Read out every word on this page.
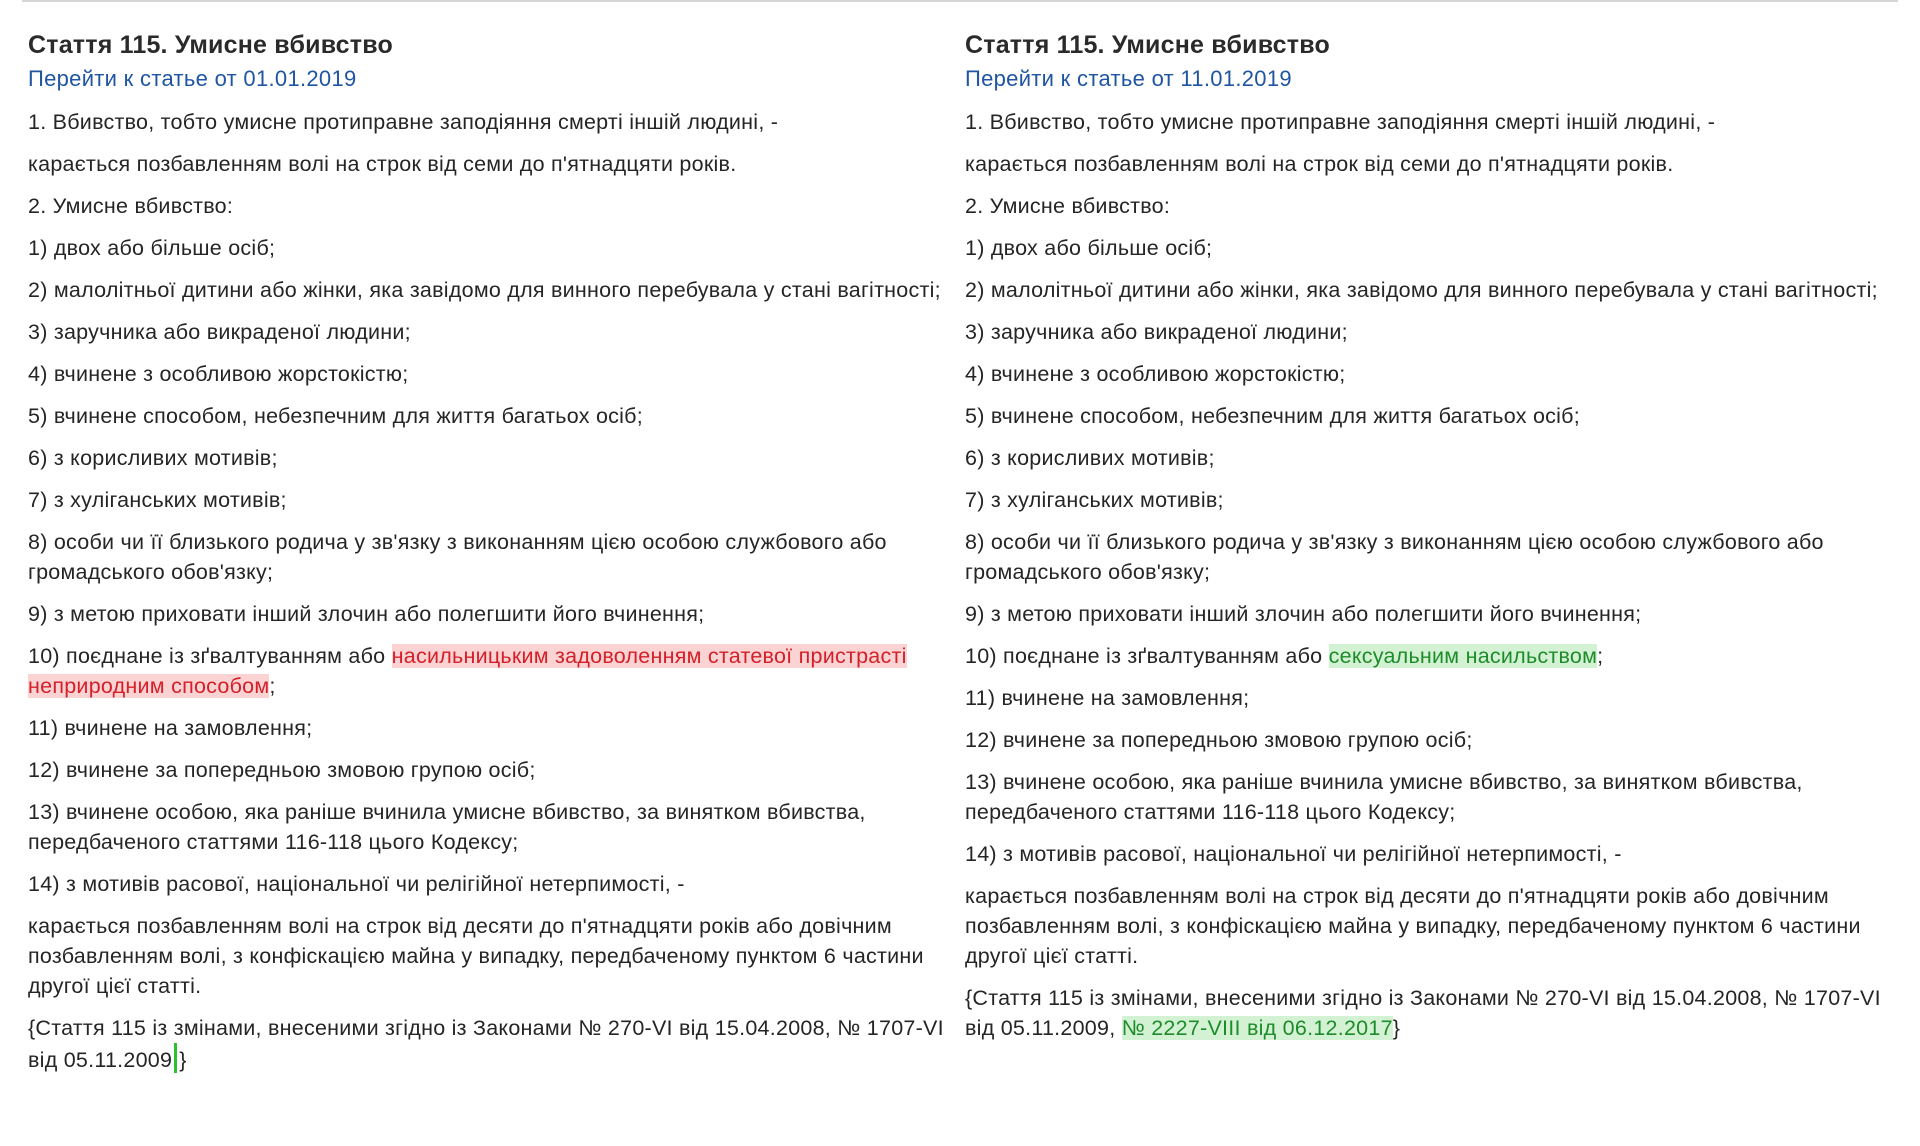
Стаття 115. Умисне вбивство
Перейти к статье от 01.01.2019

1. Вбивство, тобто умисне протиправне заподіяння смерті іншій людині, -

карається позбавленням волі на строк від семи до п'ятнадцяти років.

2. Умисне вбивство:

1) двох або більше осіб;

2) малолітньої дитини або жінки, яка завідомо для винного перебувала у стані вагітності;

3) заручника або викраденої людини;

4) вчинене з особливою жорстокістю;

5) вчинене способом, небезпечним для життя багатьох осіб;

6) з корисливих мотивів;

7) з хуліганських мотивів;

8) особи чи її близького родича у зв'язку з виконанням цією особою службового або громадського обов'язку;

9) з метою приховати інший злочин або полегшити його вчинення;

10) поєднане із зґвалтуванням або насильницьким задоволенням статевої пристрасті неприродним способом;

11) вчинене на замовлення;

12) вчинене за попередньою змовою групою осіб;

13) вчинене особою, яка раніше вчинила умисне вбивство, за винятком вбивства, передбаченого статтями 116-118 цього Кодексу;

14) з мотивів расової, національної чи релігійної нетерпимості, -

карається позбавленням волі на строк від десяти до п'ятнадцяти років або довічним позбавленням волі, з конфіскацією майна у випадку, передбаченому пунктом 6 частини другої цієї статті.

{Стаття 115 із змінами, внесеними згідно із Законами № 270-VI від 15.04.2008, № 1707-VI від 05.11.2009 }

Стаття 115. Умисне вбивство
Перейти к статье от 11.01.2019

1. Вбивство, тобто умисне протиправне заподіяння смерті іншій людині, -

карається позбавленням волі на строк від семи до п'ятнадцяти років.

2. Умисне вбивство:

1) двох або більше осіб;

2) малолітньої дитини або жінки, яка завідомо для винного перебувала у стані вагітності;

3) заручника або викраденої людини;

4) вчинене з особливою жорстокістю;

5) вчинене способом, небезпечним для життя багатьох осіб;

6) з корисливих мотивів;

7) з хуліганських мотивів;

8) особи чи її близького родича у зв'язку з виконанням цією особою службового або громадського обов'язку;

9) з метою приховати інший злочин або полегшити його вчинення;

10) поєднане із зґвалтуванням або сексуальним насильством;

11) вчинене на замовлення;

12) вчинене за попередньою змовою групою осіб;

13) вчинене особою, яка раніше вчинила умисне вбивство, за винятком вбивства, передбаченого статтями 116-118 цього Кодексу;

14) з мотивів расової, національної чи релігійної нетерпимості, -

карається позбавленням волі на строк від десяти до п'ятнадцяти років або довічним позбавленням волі, з конфіскацією майна у випадку, передбаченому пунктом 6 частини другої цієї статті.

{Стаття 115 із змінами, внесеними згідно із Законами № 270-VI від 15.04.2008, № 1707-VI від 05.11.2009, № 2227-VIII від 06.12.2017}
